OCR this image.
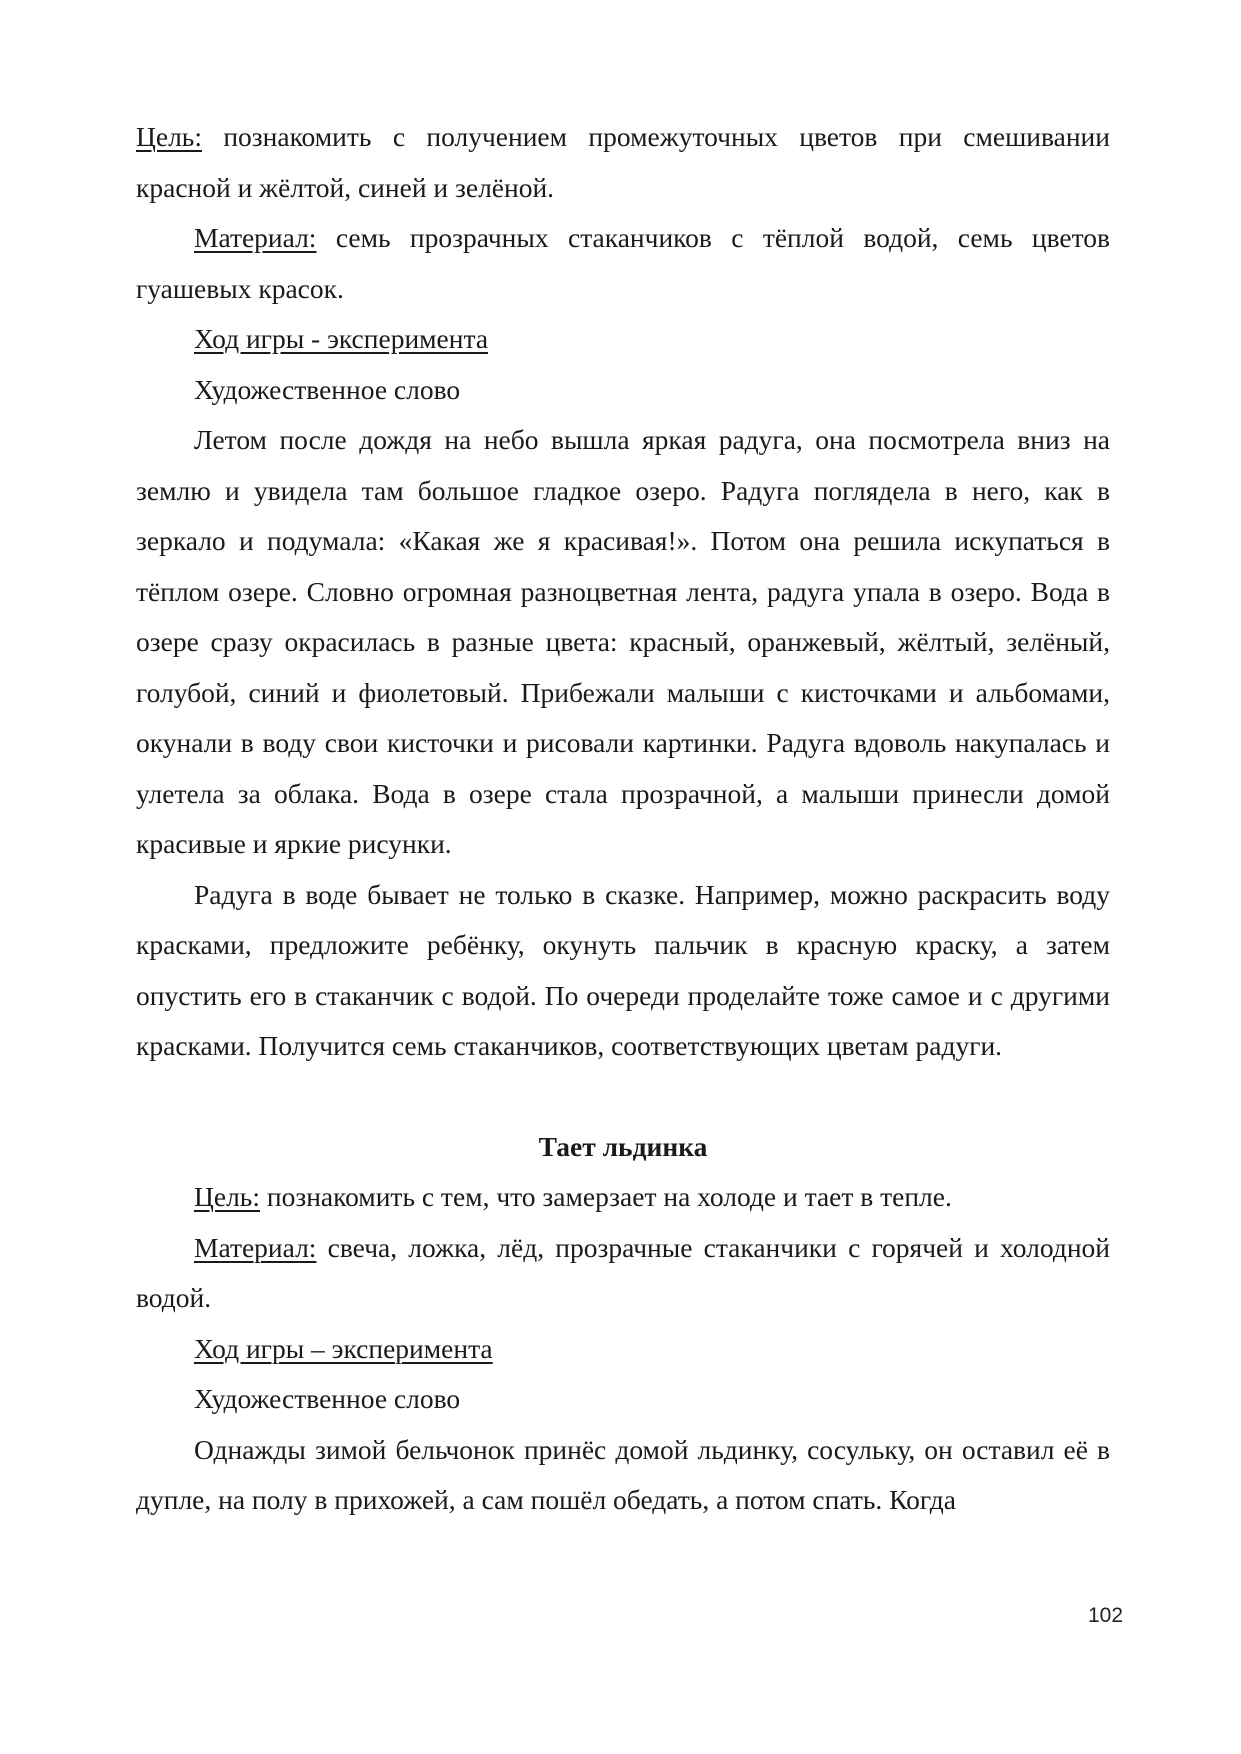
Цель: познакомить с получением промежуточных цветов при смешивании красной и жёлтой, синей и зелёной.

Материал: семь прозрачных стаканчиков с тёплой водой, семь цветов гуашевых красок.

Ход игры - эксперимента

Художественное слово

Летом после дождя на небо вышла яркая радуга, она посмотрела вниз на землю и увидела там большое гладкое озеро. Радуга поглядела в него, как в зеркало и подумала: «Какая же я красивая!». Потом она решила искупаться в тёплом озере. Словно огромная разноцветная лента, радуга упала в озеро. Вода в озере сразу окрасилась в разные цвета: красный, оранжевый, жёлтый, зелёный, голубой, синий и фиолетовый. Прибежали малыши с кисточками и альбомами, окунали в воду свои кисточки и рисовали картинки. Радуга вдоволь накупалась и улетела за облака. Вода в озере стала прозрачной, а малыши принесли домой красивые и яркие рисунки.

Радуга в воде бывает не только в сказке. Например, можно раскрасить воду красками, предложите ребёнку, окунуть пальчик в красную краску, а затем опустить его в стаканчик с водой. По очереди проделайте тоже самое и с другими красками. Получится семь стаканчиков, соответствующих цветам радуги.

Тает льдинка

Цель: познакомить с тем, что замерзает на холоде и тает в тепле.

Материал: свеча, ложка, лёд, прозрачные стаканчики с горячей и холодной водой.

Ход игры – эксперимента

Художественное слово

Однажды зимой бельчонок принёс домой льдинку, сосульку, он оставил её в дупле, на полу в прихожей, а сам пошёл обедать, а потом спать. Когда

102
